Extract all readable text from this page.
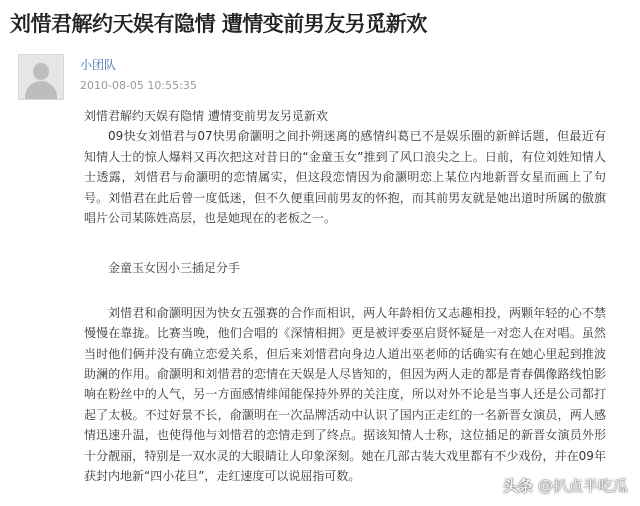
刘惜君解约天娱有隐情 遭情变前男友另觅新欢
小团队
2010-08-05 10:55:35

刘惜君解约天娱有隐情 遭情变前男友另觅新欢

09快女刘惜君与07快男俞灏明之间扑朔迷离的感情纠葛已不是娱乐圈的新鲜话题，但最近有知情人士的惊人爆料又再次把这对昔日的“金童玉女”推到了风口浪尖之上。日前，有位刘姓知情人士透露，刘惜君与俞灏明的恋情属实，但这段恋情因为俞灏明恋上某位内地新晋女星而画上了句号。刘惜君在此后曾一度低迷，但不久便重回前男友的怀抱，而其前男友就是她出道时所属的傲旗唱片公司某陈姓高层，也是她现在的老板之一。

金童玉女因小三插足分手

刘惜君和俞灏明因为快女五强赛的合作而相识，两人年龄相仿又志趣相投，两颗年轻的心不禁慢慢在靠拢。比赛当晚，他们合唱的《深情相拥》更是被评委巫启贤怀疑是一对恋人在对唱。虽然当时他们俩并没有确立恋爱关系，但后来刘惜君向身边人道出巫老师的话确实有在她心里起到推波助澜的作用。俞灏明和刘惜君的恋情在天娱是人尽皆知的，但因为两人走的都是青春偶像路线怕影响在粉丝中的人气，另一方面感情绯闻能保持外界的关注度，所以对外不论是当事人还是公司都打起了太极。不过好景不长，俞灏明在一次品牌活动中认识了国内正走红的一名新晋女演员，两人感情迅速升温，也使得他与刘惜君的恋情走到了终点。据该知情人士称，这位插足的新晋女演员外形十分靓丽，特别是一双水灵的大眼睛让人印象深刻。她在几部古装大戏里都有不少戏份，并在09年获封内地新“四小花旦”，走红速度可以说屈指可数。

头条 @扒点半吃瓜
